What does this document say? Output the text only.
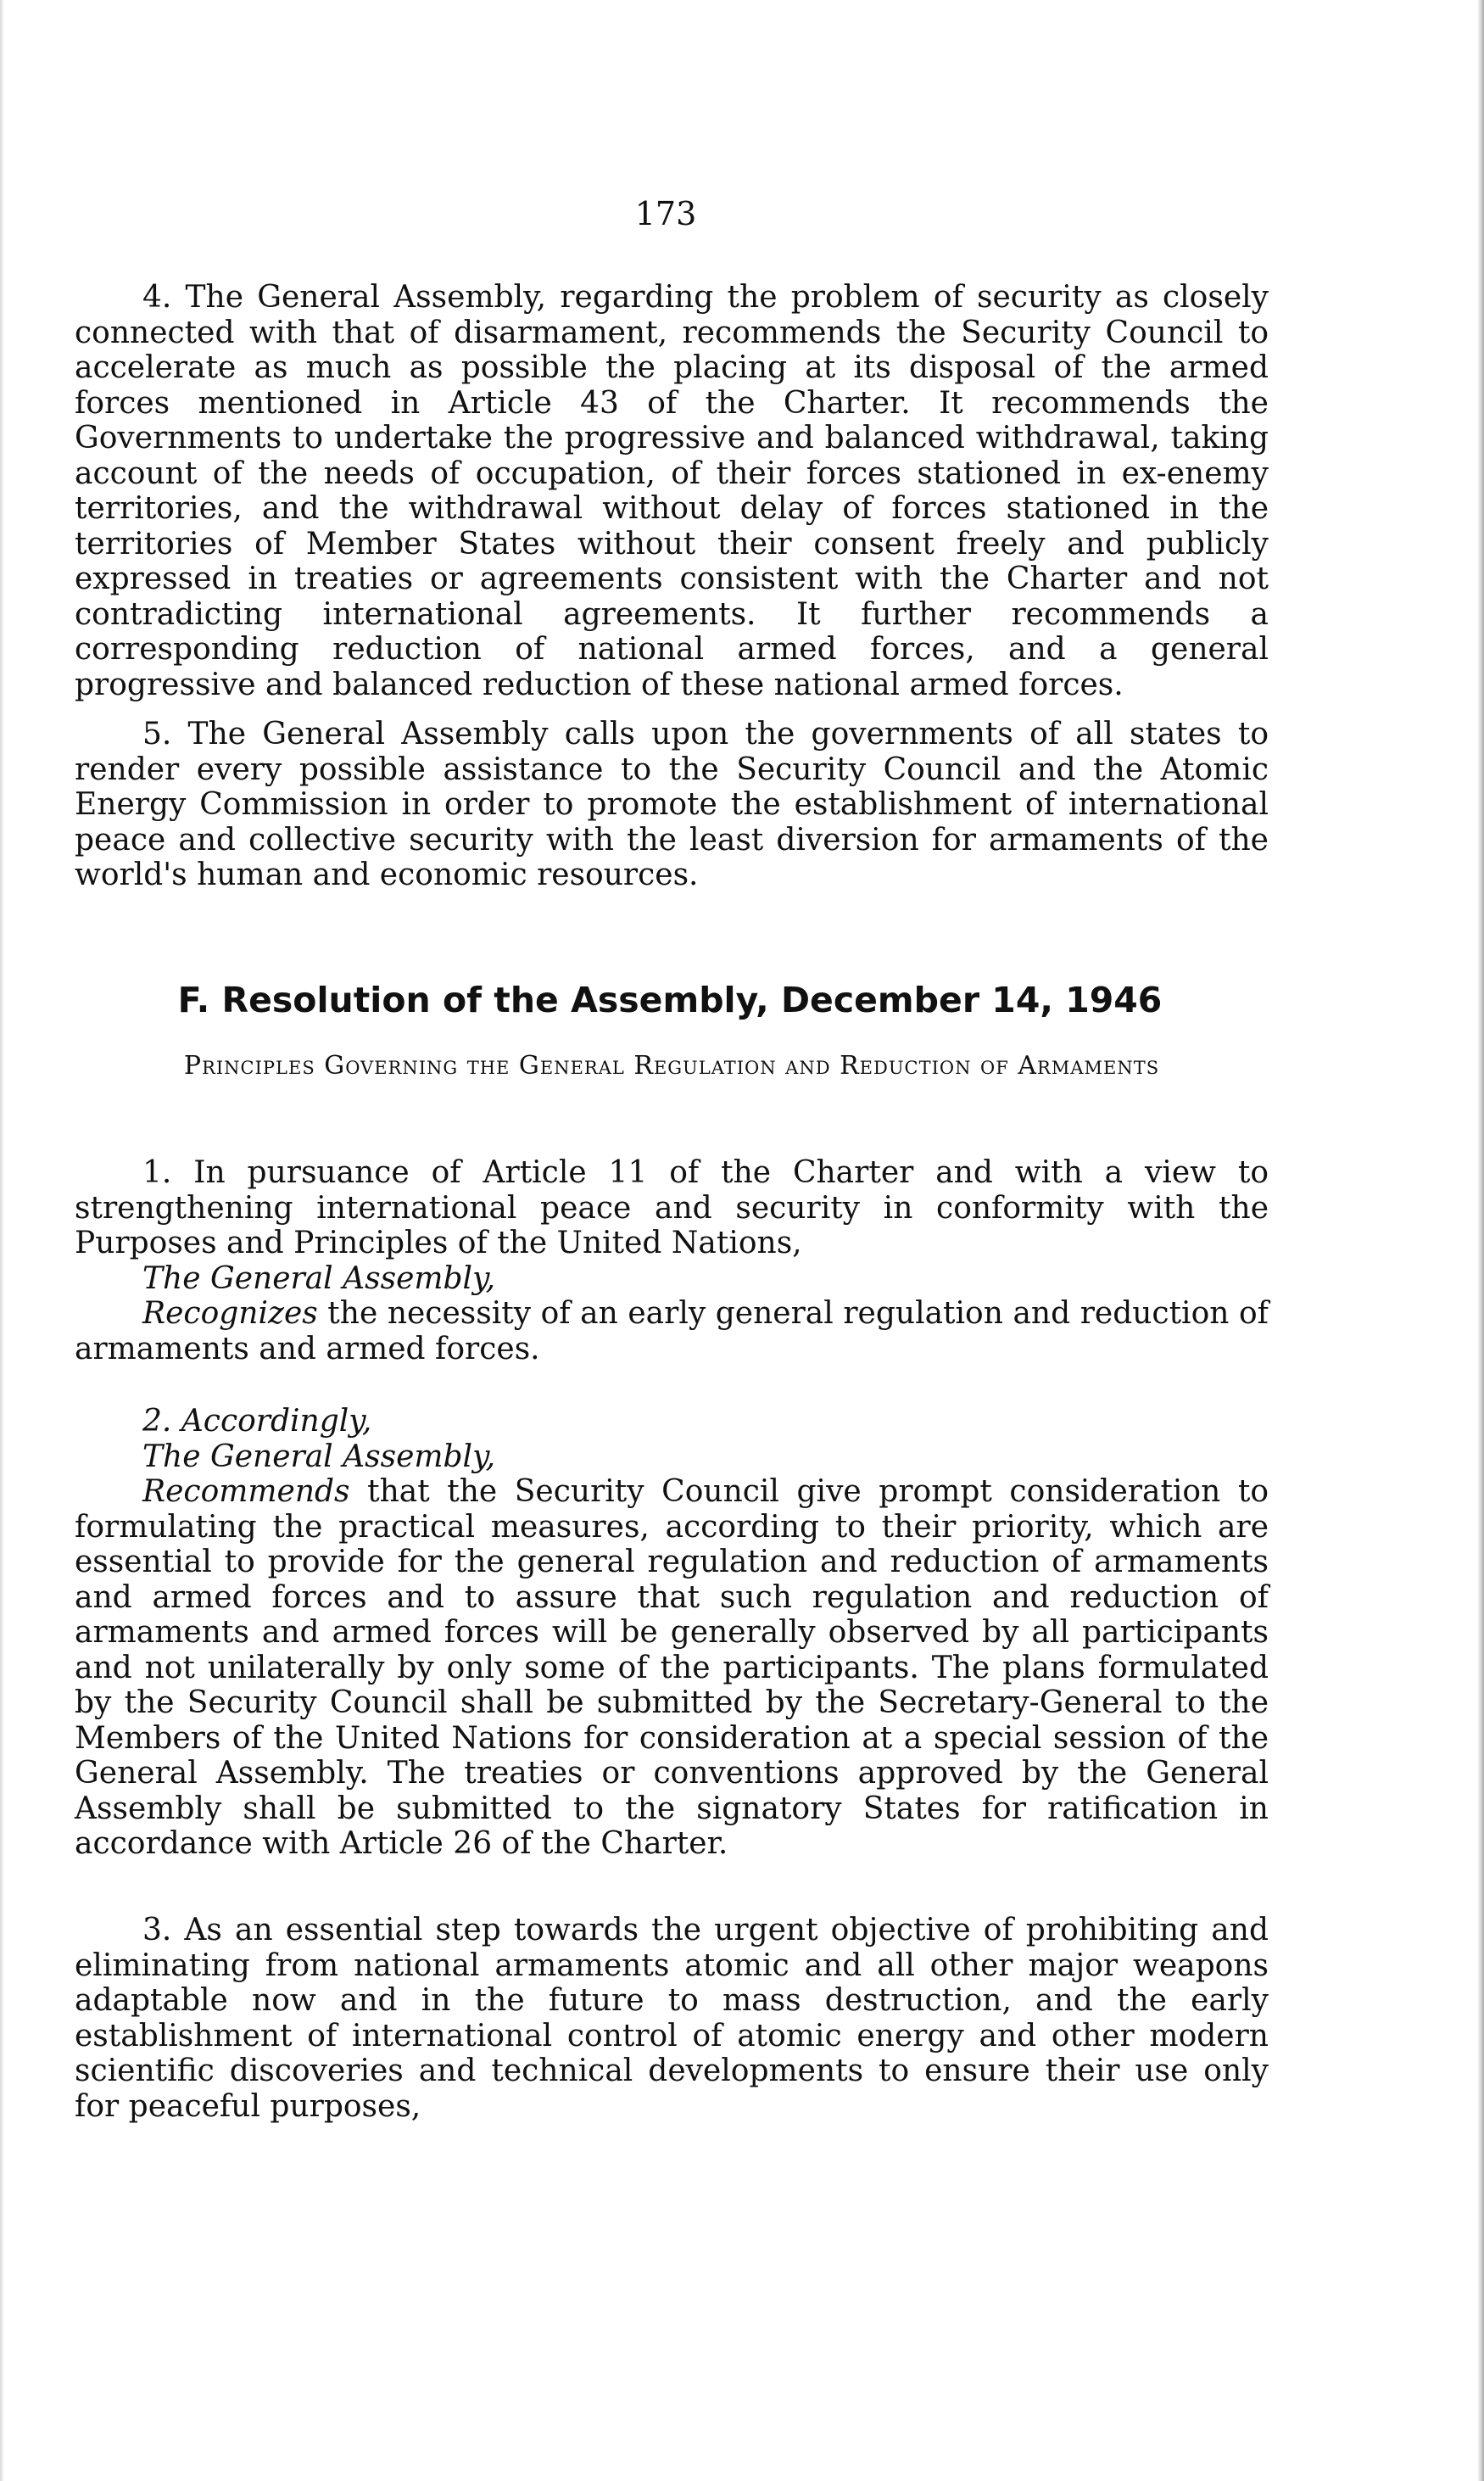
173

4. The General Assembly, regarding the problem of security as closely connected with that of disarmament, recommends the Security Council to accelerate as much as possible the placing at its disposal of the armed forces mentioned in Article 43 of the Charter. It recommends the Governments to undertake the progressive and balanced withdrawal, taking account of the needs of occupation, of their forces stationed in ex-enemy territories, and the withdrawal without delay of forces stationed in the territories of Member States without their consent freely and publicly expressed in treaties or agreements consistent with the Charter and not contradicting international agreements. It further recommends a corresponding reduction of national armed forces, and a general progressive and balanced reduction of these national armed forces.

5. The General Assembly calls upon the governments of all states to render every possible assistance to the Security Council and the Atomic Energy Commission in order to promote the establishment of international peace and collective security with the least diversion for armaments of the world's human and economic resources.

F. Resolution of the Assembly, December 14, 1946
Principles Governing the General Regulation and Reduction of Armaments

1. In pursuance of Article 11 of the Charter and with a view to strengthening international peace and security in conformity with the Purposes and Principles of the United Nations,

The General Assembly,

Recognizes the necessity of an early general regulation and reduction of armaments and armed forces.

2. Accordingly,

The General Assembly,

Recommends that the Security Council give prompt consideration to formulating the practical measures, according to their priority, which are essential to provide for the general regulation and reduction of armaments and armed forces and to assure that such regulation and reduction of armaments and armed forces will be generally observed by all participants and not unilaterally by only some of the participants. The plans formulated by the Security Council shall be submitted by the Secretary-General to the Members of the United Nations for consideration at a special session of the General Assembly. The treaties or conventions approved by the General Assembly shall be submitted to the signatory States for ratification in accordance with Article 26 of the Charter.

3. As an essential step towards the urgent objective of prohibiting and eliminating from national armaments atomic and all other major weapons adaptable now and in the future to mass destruction, and the early establishment of international control of atomic energy and other modern scientific discoveries and technical developments to ensure their use only for peaceful purposes,
